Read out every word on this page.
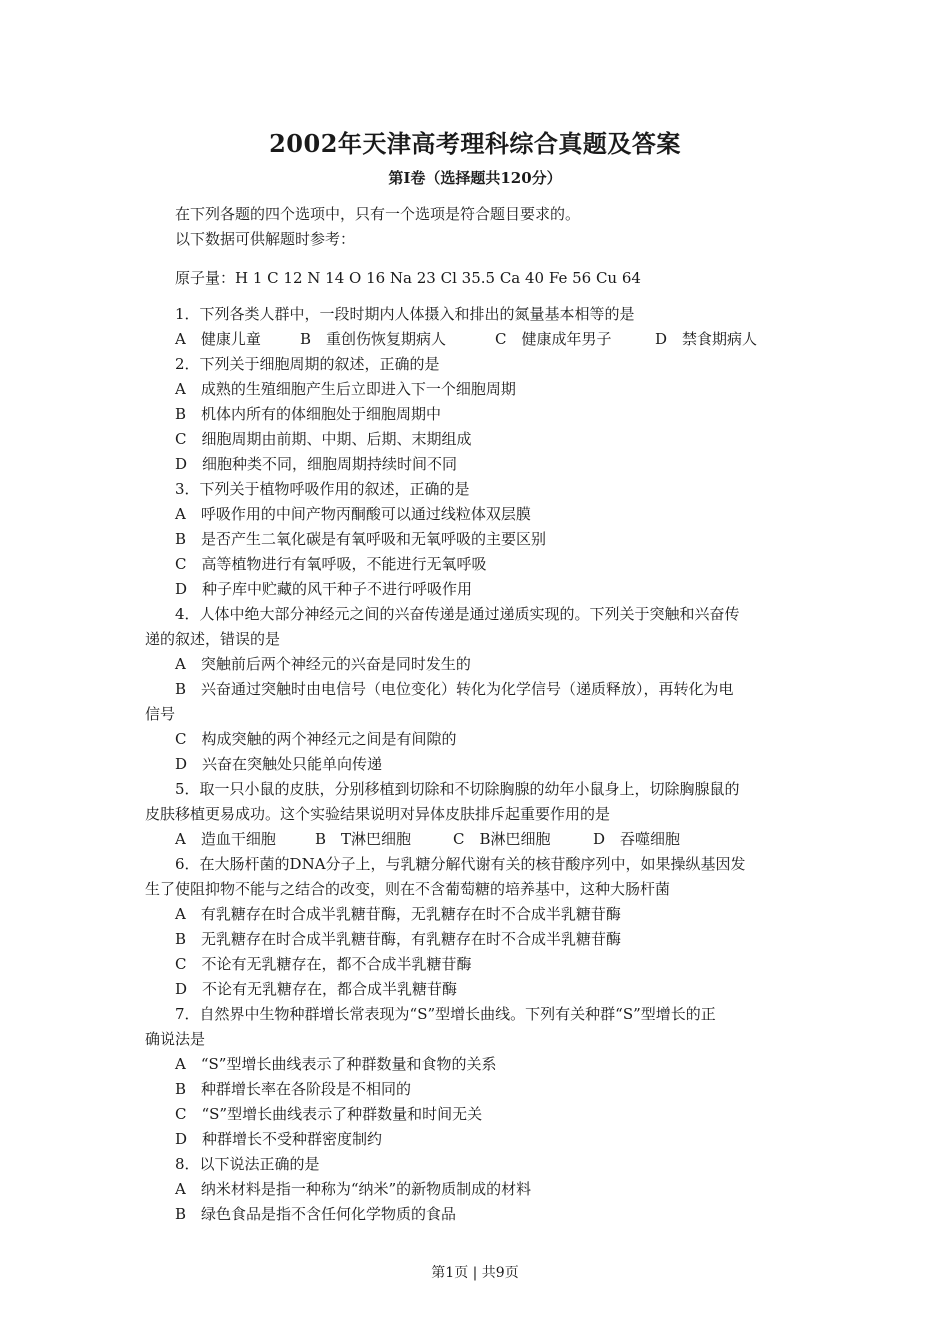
2002年天津高考理科综合真题及答案
第Ⅰ卷（选择题共120分）
在下列各题的四个选项中，只有一个选项是符合题目要求的。
以下数据可供解题时参考：
原子量：H 1 C 12 N 14 O 16 Na 23 Cl 35.5 Ca 40 Fe 56 Cu 64
1．下列各类人群中，一段时期内人体摄入和排出的氮量基本相等的是
A　健康儿童	B　重创伤恢复期病人	C　健康成年男子	D　禁食期病人
2．下列关于细胞周期的叙述，正确的是
A　成熟的生殖细胞产生后立即进入下一个细胞周期
B　机体内所有的体细胞处于细胞周期中
C　细胞周期由前期、中期、后期、末期组成
D　细胞种类不同，细胞周期持续时间不同
3．下列关于植物呼吸作用的叙述，正确的是
A　呼吸作用的中间产物丙酮酸可以通过线粒体双层膜
B　是否产生二氧化碳是有氧呼吸和无氧呼吸的主要区别
C　高等植物进行有氧呼吸，不能进行无氧呼吸
D　种子库中贮藏的风干种子不进行呼吸作用
4．人体中绝大部分神经元之间的兴奋传递是通过递质实现的。下列关于突触和兴奋传
递的叙述，错误的是
A　突触前后两个神经元的兴奋是同时发生的
B　兴奋通过突触时由电信号（电位变化）转化为化学信号（递质释放），再转化为电
信号
C　构成突触的两个神经元之间是有间隙的
D　兴奋在突触处只能单向传递
5．取一只小鼠的皮肤，分别移植到切除和不切除胸腺的幼年小鼠身上，切除胸腺鼠的
皮肤移植更易成功。这个实验结果说明对异体皮肤排斥起重要作用的是
A　造血干细胞	B　T淋巴细胞	C　B淋巴细胞	D　吞噬细胞
6．在大肠杆菌的DNA分子上，与乳糖分解代谢有关的核苷酸序列中，如果操纵基因发
生了使阻抑物不能与之结合的改变，则在不含葡萄糖的培养基中，这种大肠杆菌
A　有乳糖存在时合成半乳糖苷酶，无乳糖存在时不合成半乳糖苷酶
B　无乳糖存在时合成半乳糖苷酶，有乳糖存在时不合成半乳糖苷酶
C　不论有无乳糖存在，都不合成半乳糖苷酶
D　不论有无乳糖存在，都合成半乳糖苷酶
7．自然界中生物种群增长常表现为“S”型增长曲线。下列有关种群“S”型增长的正
确说法是
A　“S”型增长曲线表示了种群数量和食物的关系
B　种群增长率在各阶段是不相同的
C　“S”型增长曲线表示了种群数量和时间无关
D　种群增长不受种群密度制约
8．以下说法正确的是
A　纳米材料是指一种称为“纳米”的新物质制成的材料
B　绿色食品是指不含任何化学物质的食品
第1页 | 共9页
